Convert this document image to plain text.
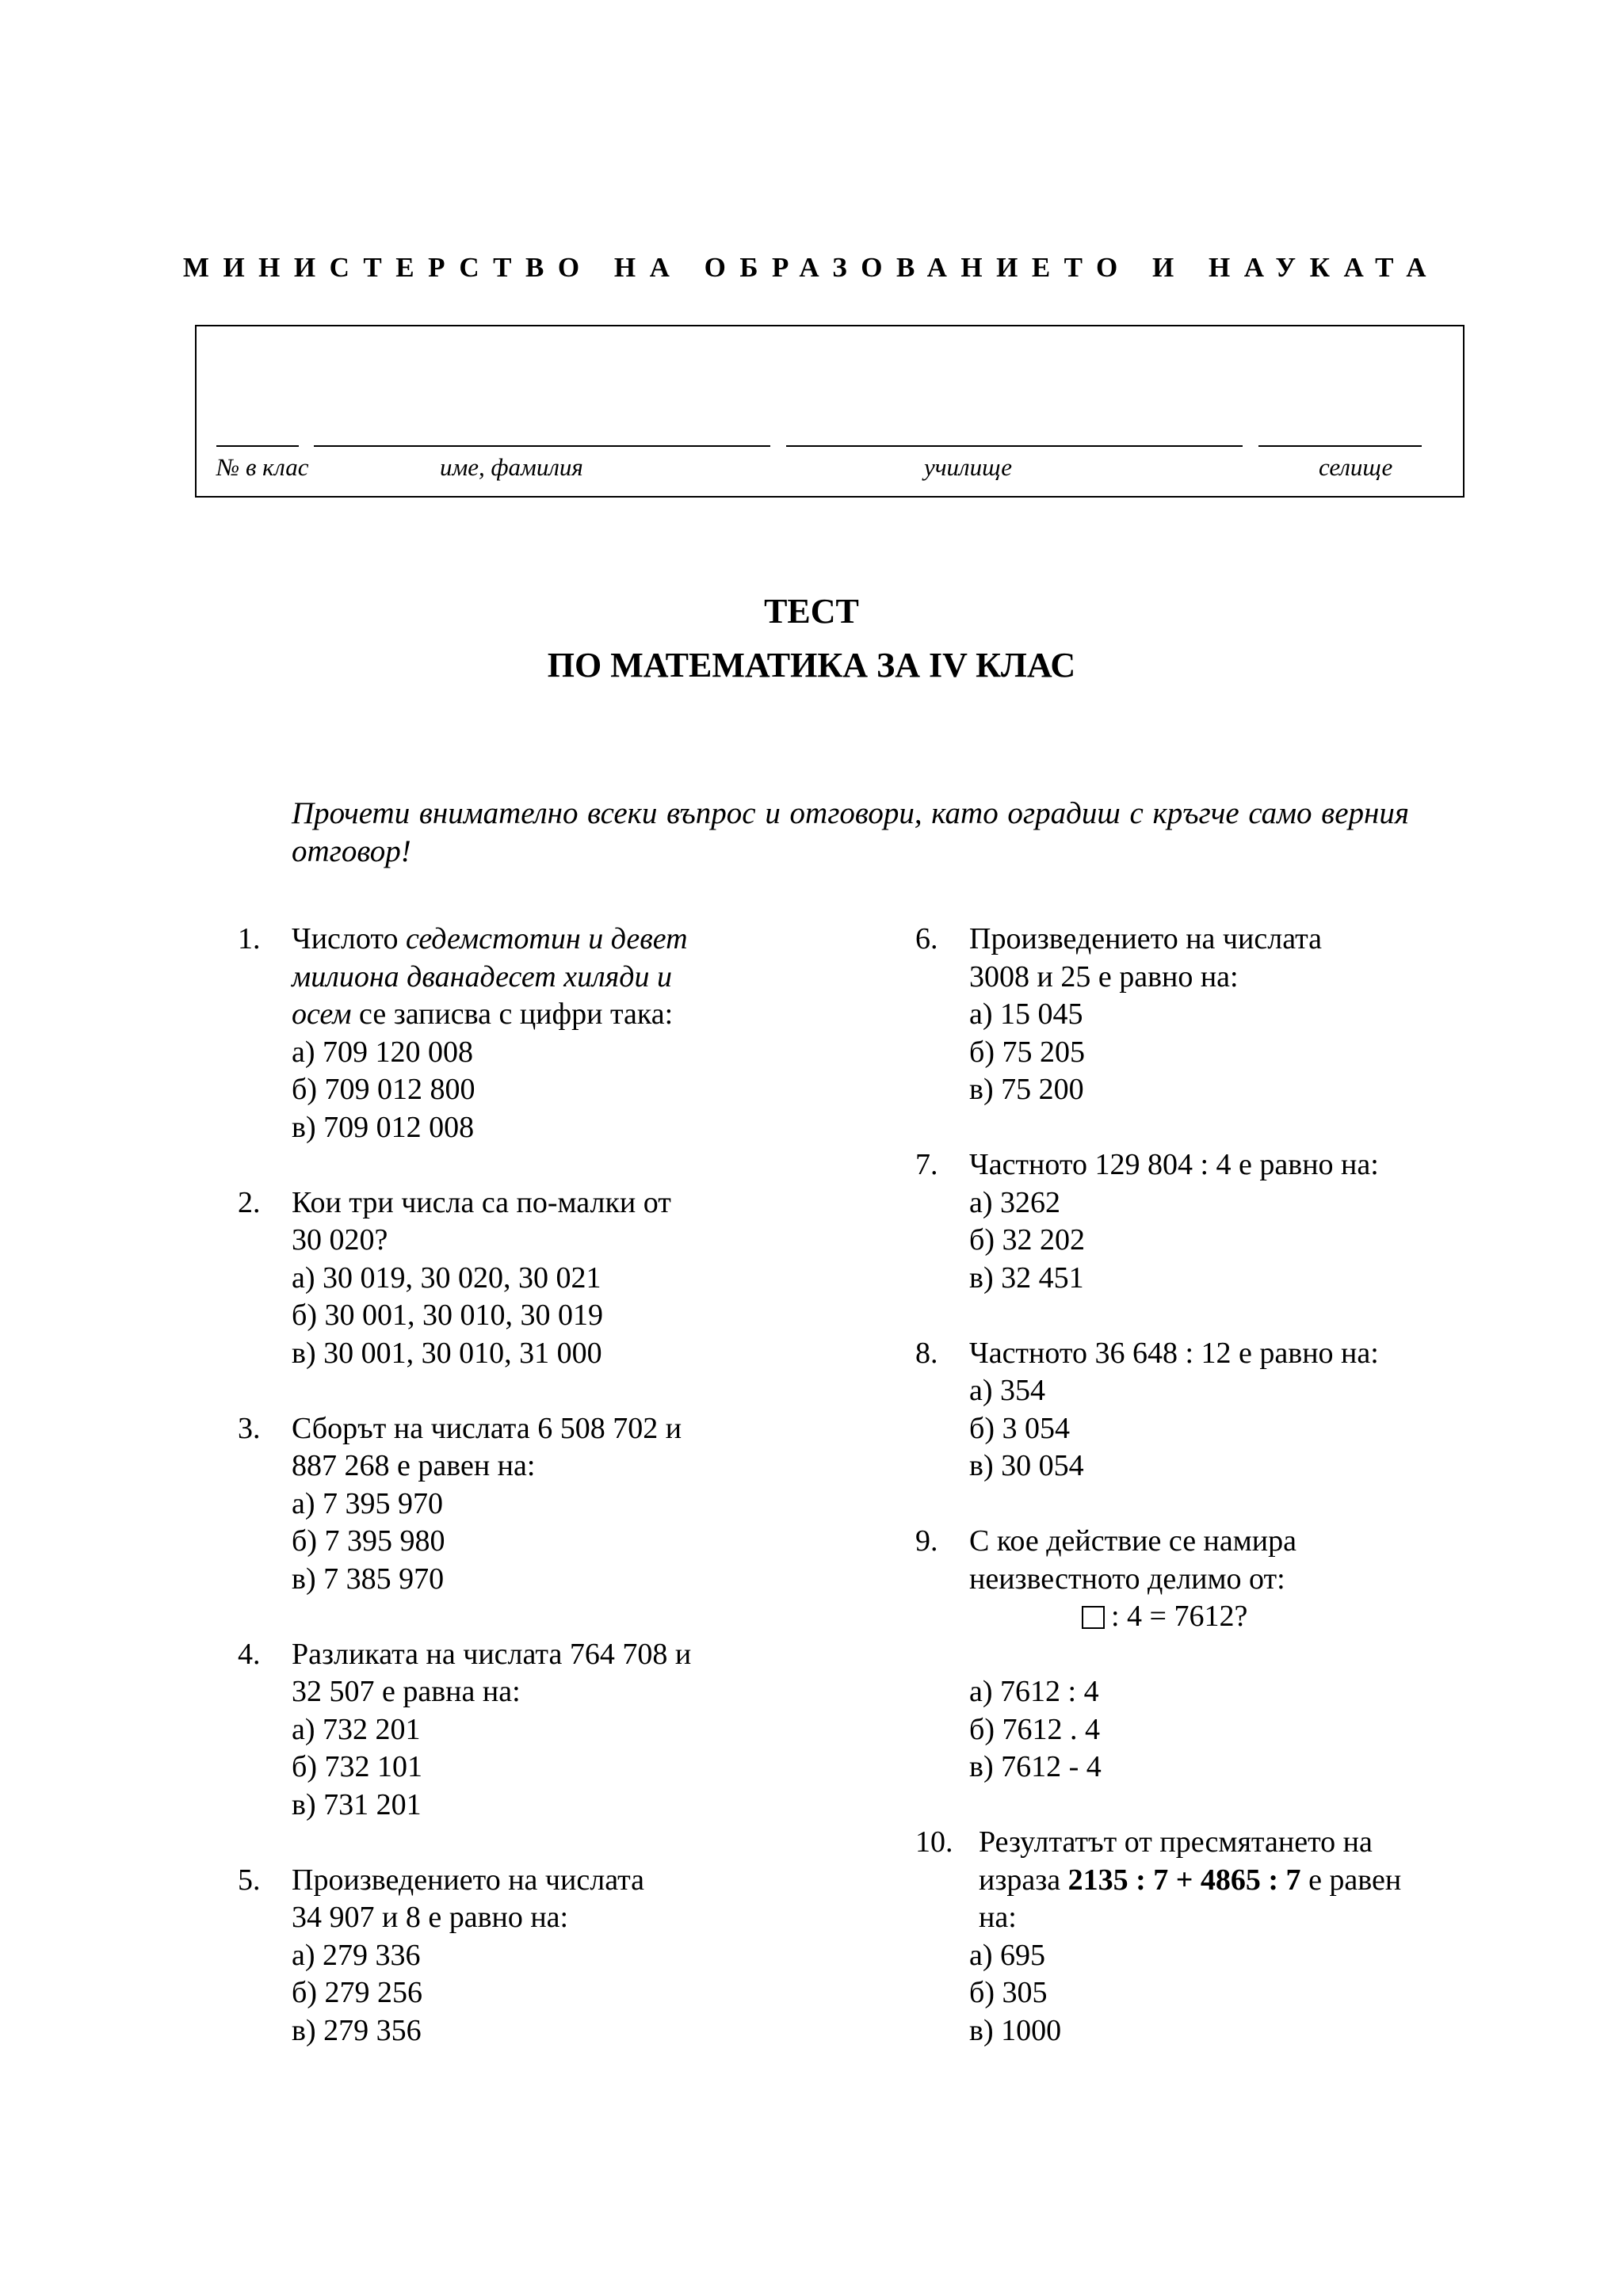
МИНИСТЕРСТВО НА ОБРАЗОВАНИЕТО И НАУКАТА
№ в клас	име, фамилия	училище	селище
ТЕСТ
ПО МАТЕМАТИКА ЗА IV КЛАС
Прочети внимателно всеки въпрос и отговори, като оградиш с кръгче само верния отговор!
1. Числото седемстотин и девет
милиона дванадесет хиляди и
осем се записва с цифри така:
а) 709 120 008
б) 709 012 800
в) 709 012 008
2. Кои три числа са по-малки от
30 020?
а) 30 019, 30 020, 30 021
б) 30 001, 30 010, 30 019
в) 30 001, 30 010, 31 000
3. Сборът на числата 6 508 702 и
887 268 е равен на:
а) 7 395 970
б) 7 395 980
в) 7 385 970
4. Разликата на числата 764 708 и
32 507 е равна на:
а) 732 201
б) 732 101
в) 731 201
5. Произведението на числата
34 907 и 8 е равно на:
а) 279 336
б) 279 256
в) 279 356
6. Произведението на числата
3008 и 25 е равно на:
а) 15 045
б) 75 205
в) 75 200
7. Частното 129 804 : 4 е равно на:
а) 3262
б) 32 202
в) 32 451
8. Частното 36 648 : 12 е равно на:
а) 354
б) 3 054
в) 30 054
9. С кое действие се намира
неизвестното делимо от:
: 4 = 7612?
а) 7612 : 4
б) 7612 . 4
в) 7612 - 4
10. Резултатът от пресмятането на
израза 2135 : 7 + 4865 : 7 е равен
на:
а) 695
б) 305
в) 1000
